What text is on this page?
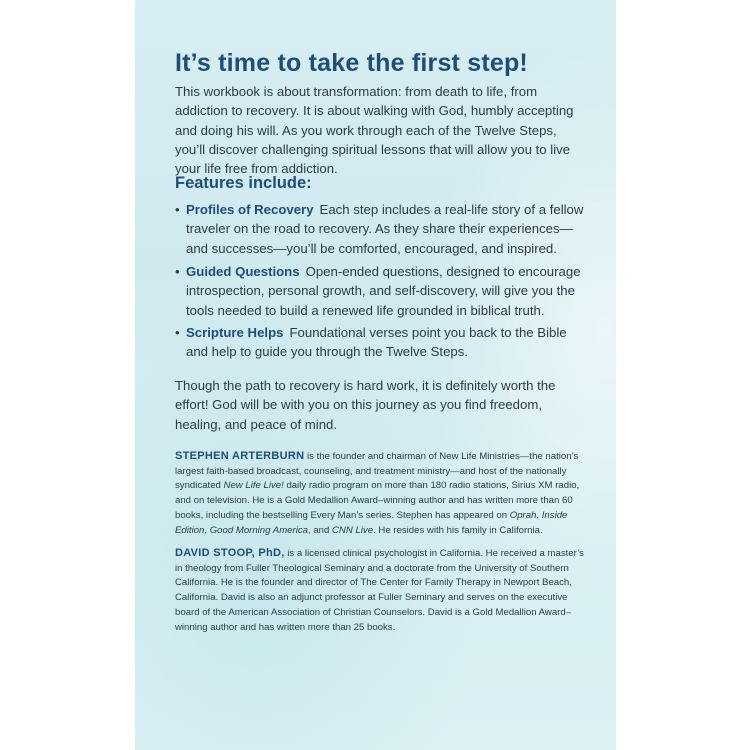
It’s time to take the first step!

This workbook is about transformation: from death to life, from addiction to recovery. It is about walking with God, humbly accepting and doing his will. As you work through each of the Twelve Steps, you’ll discover challenging spiritual lessons that will allow you to live your life free from addiction.

Features include:
• Profiles of Recovery Each step includes a real-life story of a fellow traveler on the road to recovery. As they share their experiences—and successes—you’ll be comforted, encouraged, and inspired.
• Guided Questions Open-ended questions, designed to encourage introspection, personal growth, and self-discovery, will give you the tools needed to build a renewed life grounded in biblical truth.
• Scripture Helps Foundational verses point you back to the Bible and help to guide you through the Twelve Steps.

Though the path to recovery is hard work, it is definitely worth the effort! God will be with you on this journey as you find freedom, healing, and peace of mind.

STEPHEN ARTERBURN is the founder and chairman of New Life Ministries—the nation’s largest faith-based broadcast, counseling, and treatment ministry—and host of the nationally syndicated New Life Live! daily radio program on more than 180 radio stations, Sirius XM radio, and on television. He is a Gold Medallion Award–winning author and has written more than 60 books, including the bestselling Every Man’s series. Stephen has appeared on Oprah, Inside Edition, Good Morning America, and CNN Live. He resides with his family in California.

DAVID STOOP, PhD, is a licensed clinical psychologist in California. He received a master’s in theology from Fuller Theological Seminary and a doctorate from the University of Southern California. He is the founder and director of The Center for Family Therapy in Newport Beach, California. David is also an adjunct professor at Fuller Seminary and serves on the executive board of the American Association of Christian Counselors. David is a Gold Medallion Award–winning author and has written more than 25 books.
